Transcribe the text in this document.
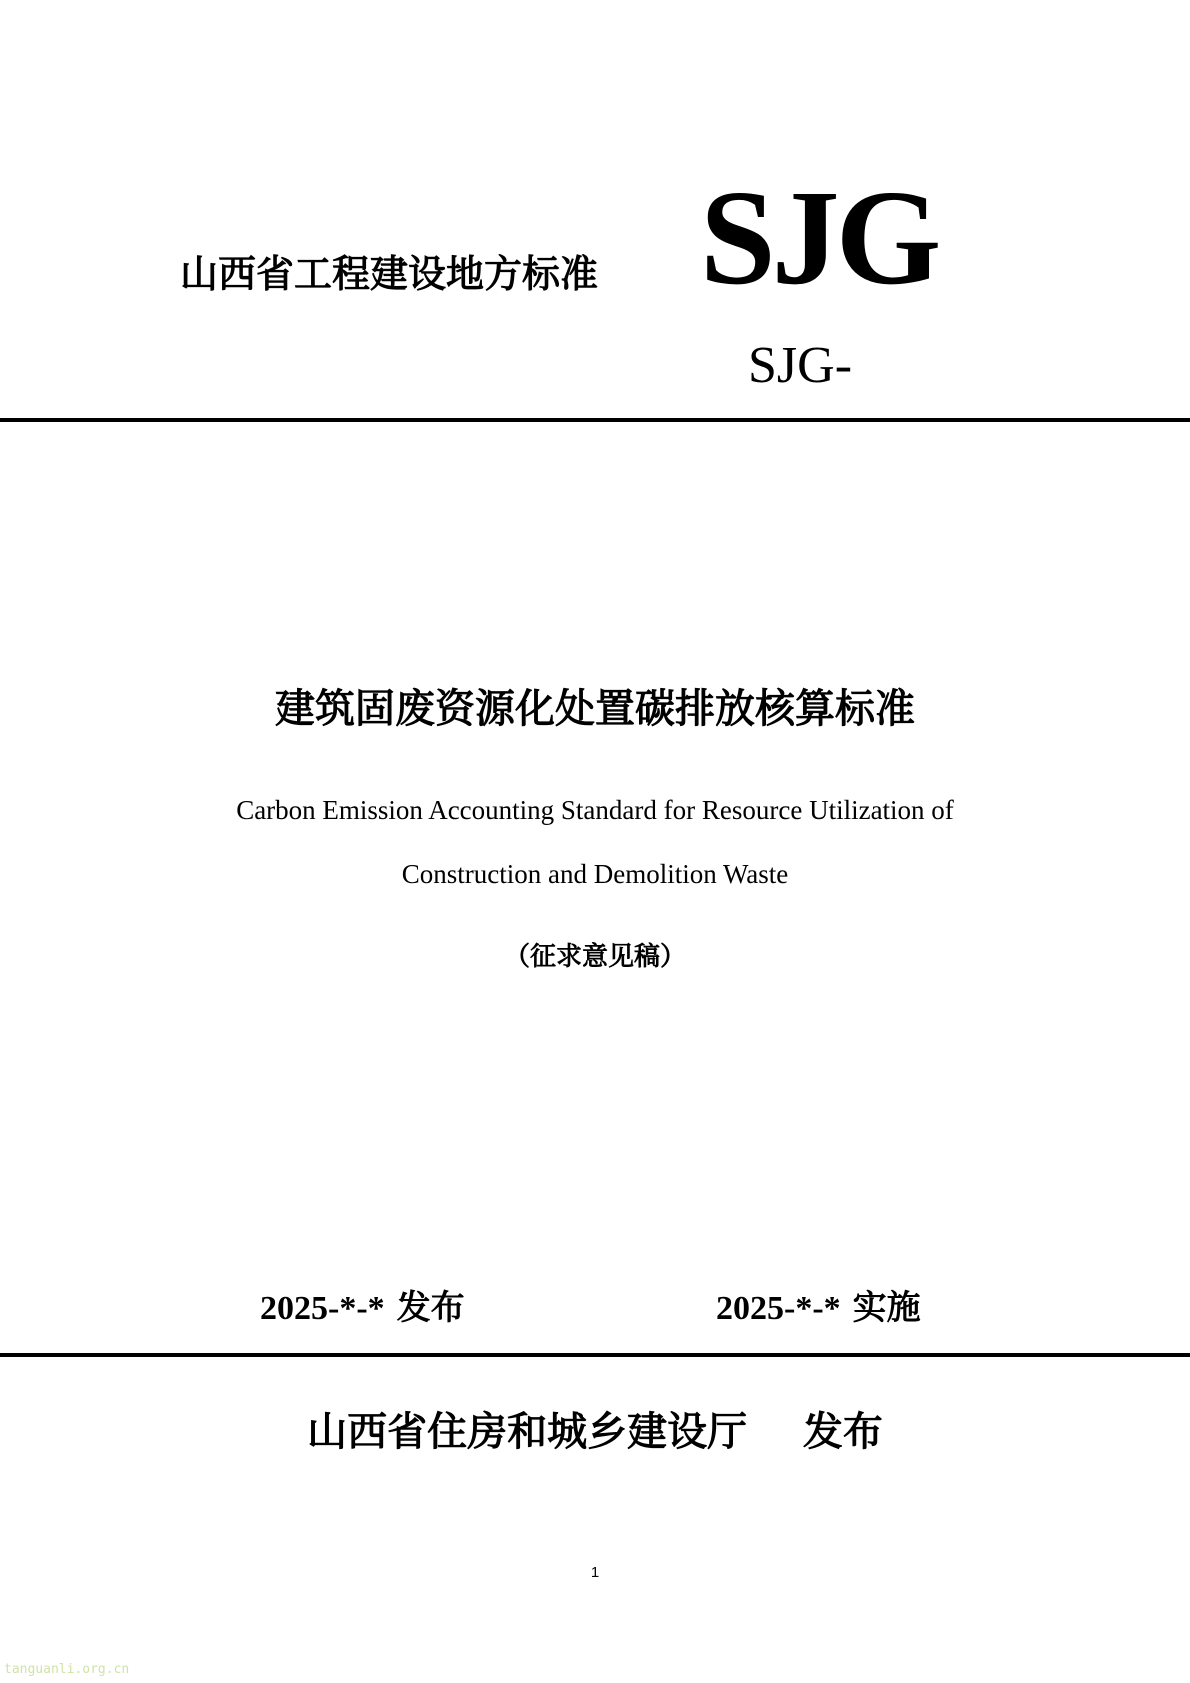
山西省工程建设地方标准 SJG
SJG-
建筑固废资源化处置碳排放核算标准
Carbon Emission Accounting Standard for Resource Utilization of
Construction and Demolition Waste
（征求意见稿）
2025-*-* 发布	2025-*-* 实施
山西省住房和城乡建设厅 发布
1
tanguanli.org.cn
